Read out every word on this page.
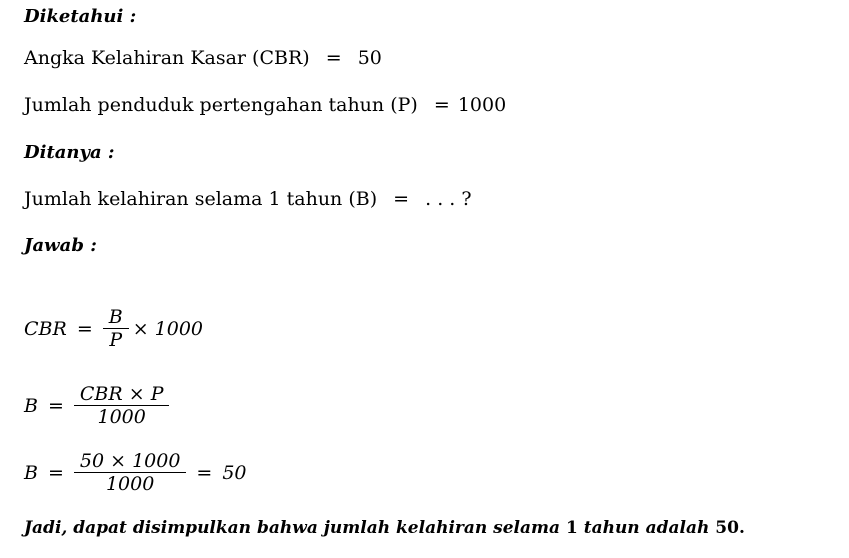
Diketahui :
Angka Kelahiran Kasar (CBR) = 50
Jumlah penduduk pertengahan tahun (P) = 1000
Ditanya :
Jumlah kelahiran selama 1 tahun (B) = . . . ?
Jawab :
CBR = $\frac{B}{P} \times 1000$
$B = \frac{\text{CBR × P}}{1000}$
$B = \frac{50 \times 1000}{1000} = 50$
Jadi, dapat disimpulkan bahwa jumlah kelahiran selama 1 tahun adalah 50.
